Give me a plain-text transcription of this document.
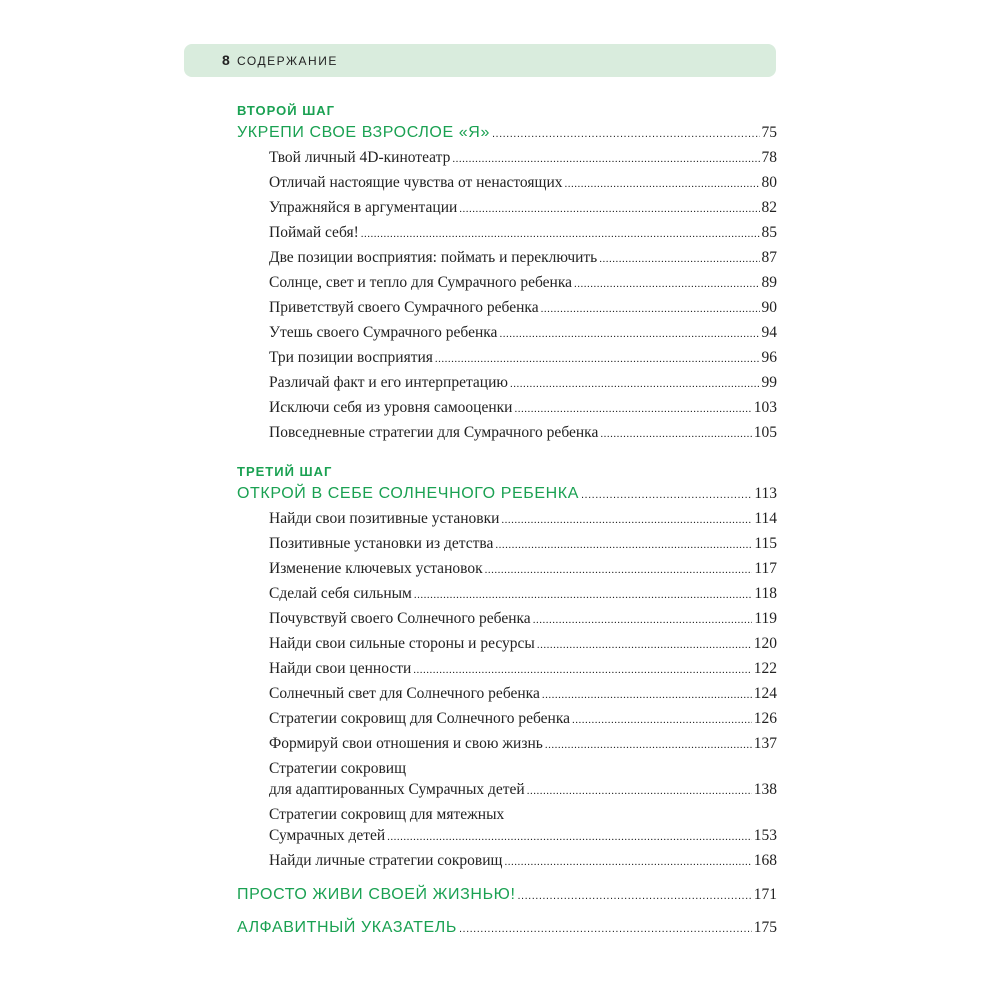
8 СОДЕРЖАНИЕ
ВТОРОЙ ШАГ
УКРЕПИ СВОЕ ВЗРОСЛОЕ «Я» .....	75
Твой личный 4D-кинотеатр .....	78
Отличай настоящие чувства от ненастоящих .....	80
Упражняйся в аргументации .....	82
Поймай себя! .....	85
Две позиции восприятия: поймать и переключить .....	87
Солнце, свет и тепло для Сумрачного ребенка .....	89
Приветствуй своего Сумрачного ребенка .....	90
Утешь своего Сумрачного ребенка .....	94
Три позиции восприятия .....	96
Различай факт и его интерпретацию .....	99
Исключи себя из уровня самооценки .....	103
Повседневные стратегии для Сумрачного ребенка .....	105
ТРЕТИЙ ШАГ
ОТКРОЙ В СЕБЕ СОЛНЕЧНОГО РЕБЕНКА .....	113
Найди свои позитивные установки .....	114
Позитивные установки из детства .....	115
Изменение ключевых установок .....	117
Сделай себя сильным .....	118
Почувствуй своего Солнечного ребенка .....	119
Найди свои сильные стороны и ресурсы .....	120
Найди свои ценности .....	122
Солнечный свет для Солнечного ребенка .....	124
Стратегии сокровищ для Солнечного ребенка .....	126
Формируй свои отношения и свою жизнь .....	137
Стратегии сокровищ
для адаптированных Сумрачных детей .....	138
Стратегии сокровищ для мятежных
Сумрачных детей .....	153
Найди личные стратегии сокровищ .....	168
ПРОСТО ЖИВИ СВОЕЙ ЖИЗНЬЮ! .....	171
АЛФАВИТНЫЙ УКАЗАТЕЛЬ .....	175
